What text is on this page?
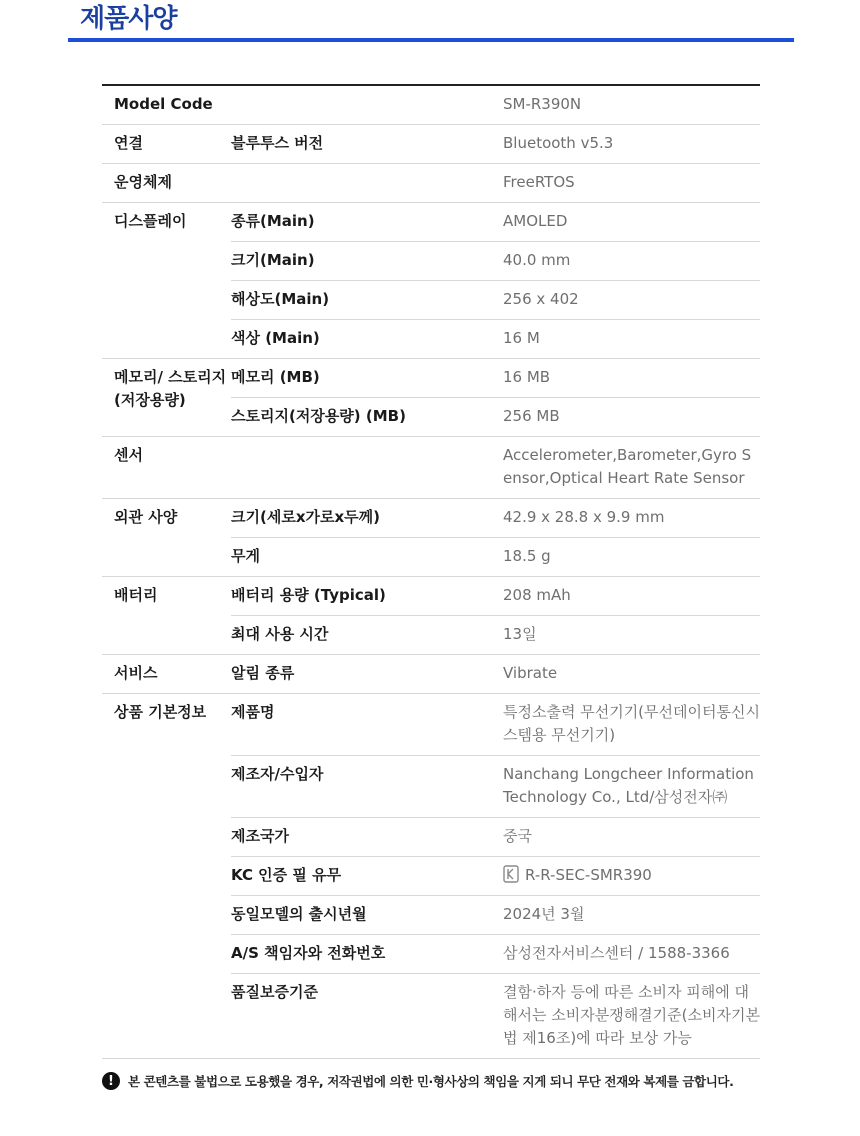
제품사양
Model Code		SM-R390N
연결	블루투스 버전	Bluetooth v5.3
운영체제		FreeRTOS
디스플레이	종류(Main)	AMOLED
	크기(Main)	40.0 mm
	해상도(Main)	256 x 402
	색상 (Main)	16 M
메모리/ 스토리지(저장용량)	메모리 (MB)	16 MB
	스토리지(저장용량) (MB)	256 MB
센서		Accelerometer,Barometer,Gyro Sensor,Optical Heart Rate Sensor
외관 사양	크기(세로x가로x두께)	42.9 x 28.8 x 9.9 mm
	무게	18.5 g
배터리	배터리 용량 (Typical)	208 mAh
	최대 사용 시간	13일
서비스	알림 종류	Vibrate
상품 기본정보	제품명	특정소출력 무선기기(무선데이터통신시스템용 무선기기)
	제조자/수입자	Nanchang Longcheer Information Technology Co., Ltd/삼성전자㈜
	제조국가	중국
	KC 인증 필 유무	R-R-SEC-SMR390
	동일모델의 출시년월	2024년 3월
	A/S 책임자와 전화번호	삼성전자서비스센터 / 1588-3366
	품질보증기준	결함·하자 등에 따른 소비자 피해에 대해서는 소비자분쟁해결기준(소비자기본법 제16조)에 따라 보상 가능
!	본 콘텐츠를 불법으로 도용했을 경우, 저작권법에 의한 민·형사상의 책임을 지게 되니 무단 전재와 복제를 금합니다.
